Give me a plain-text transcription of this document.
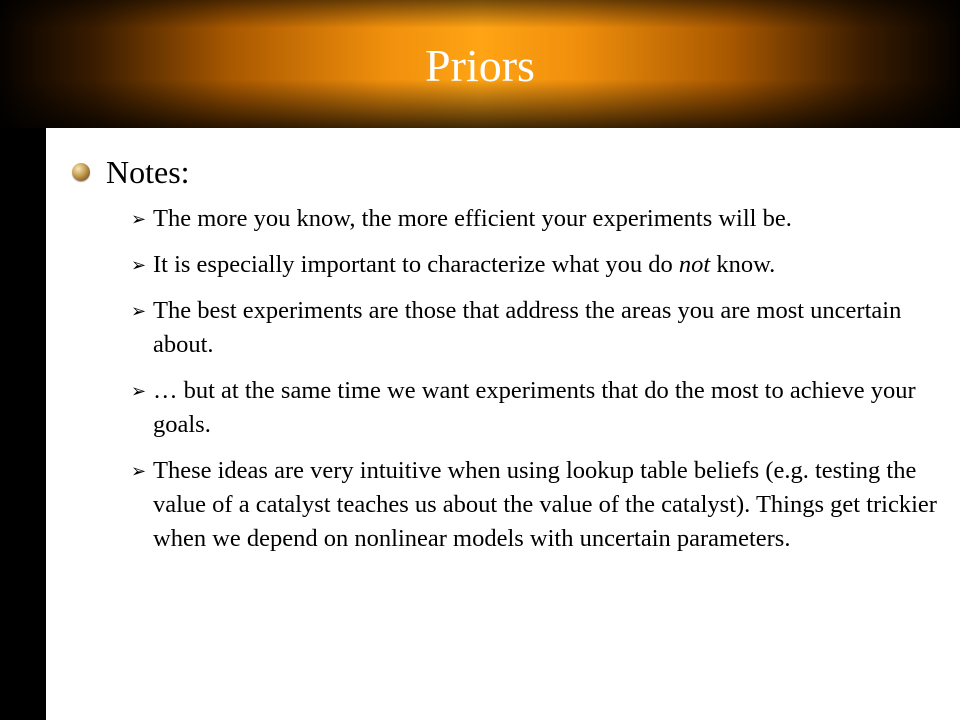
Priors
Notes:
➢ The more you know, the more efficient your experiments will be.
➢ It is especially important to characterize what you do not know.
➢ The best experiments are those that address the areas you are most uncertain about.
➢ … but at the same time we want experiments that do the most to achieve your goals.
➢ These ideas are very intuitive when using lookup table beliefs (e.g. testing the value of a catalyst teaches us about the value of the catalyst). Things get trickier when we depend on nonlinear models with uncertain parameters.
